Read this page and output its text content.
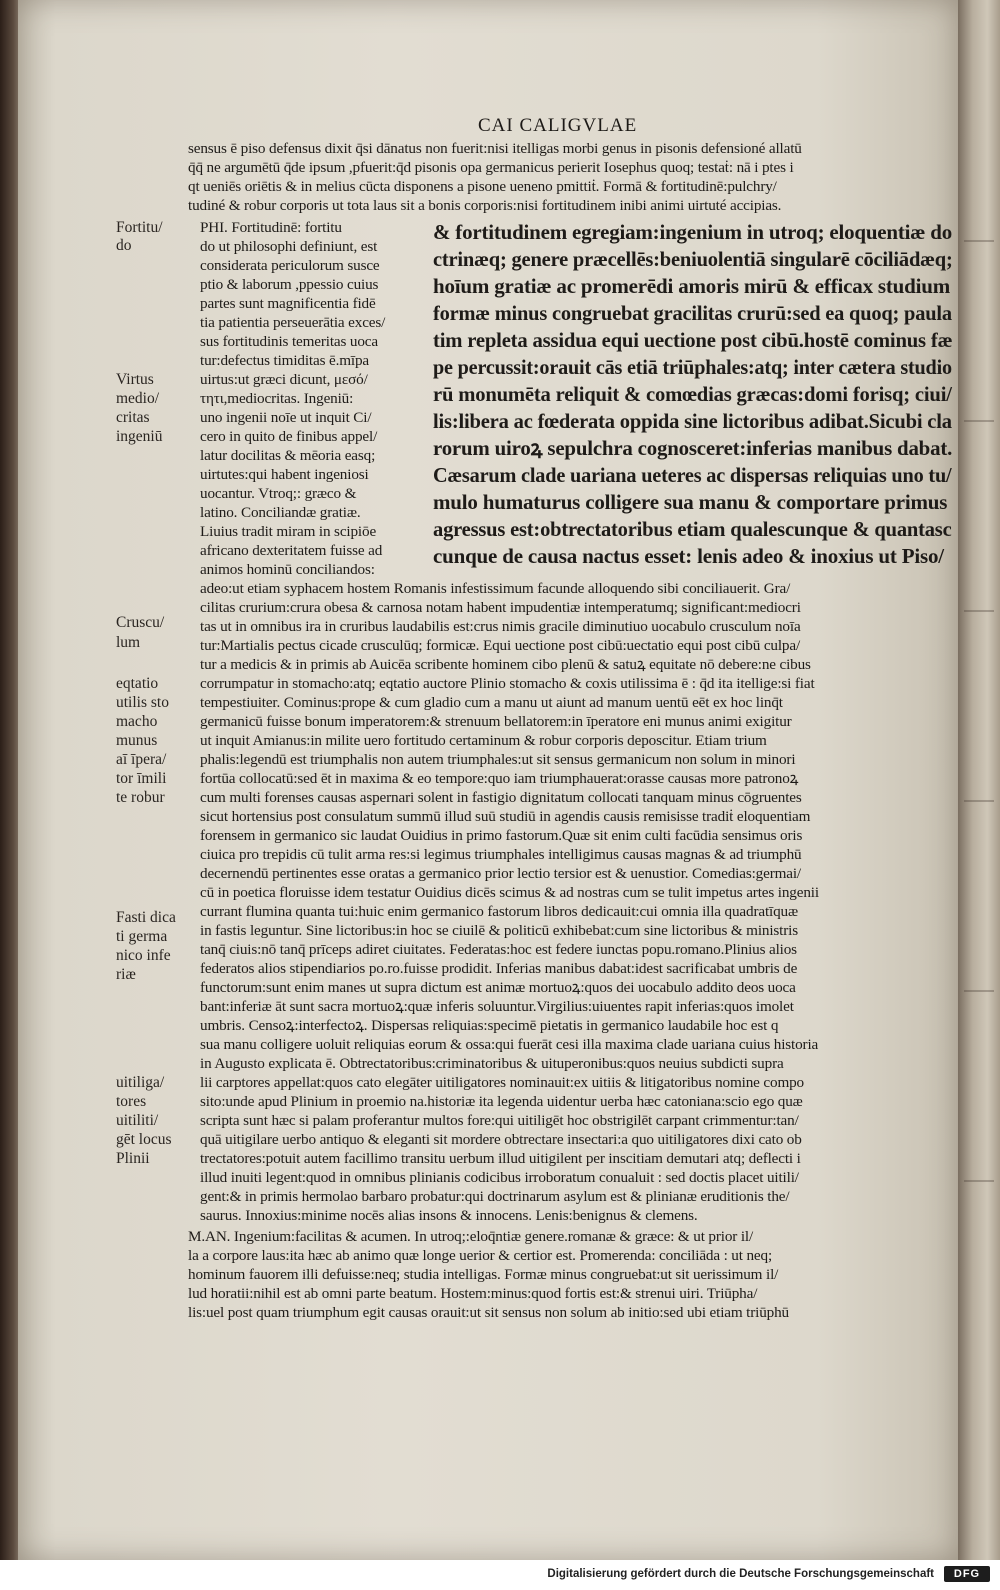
CAI CALIGVLAE
sensus ē piso defensus dixit q̄si dānatus non fuerit:nisi itelligas morbi genus in pisonis defensioné allatū
q̄q̄ ne argumētū q̄de ipsum ,pfuerit:q̄d pisonis opa germanicus perierit Iosephus quoq; testaṫ: nā i ptes i
qt ueniēs oriētis & in melius cūcta disponens a pisone ueneno pmittiṫ. Formā & fortitudinē:pulchry/
tudiné & robur corporis ut tota laus sit a bonis corporis:nisi fortitudinem inibi animi uirtuté accipias.
PHI. Fortitudinē: fortitu
do ut philosophi definiunt, est
considerata periculorum susce
ptio & laborum ,ppessio cuius
partes sunt magnificentia fidē
tia patientia perseuerātia exces/
sus fortitudinis temeritas uoca
tur:defectus timiditas ē.mīpa
uirtus:ut græci dicunt, μεσό/
τητι,mediocritas. Ingeniū:
uno ingenii noīe ut inquit Ci/
cero in quito de finibus appel/
latur docilitas & mēoria easq;
uirtutes:qui habent ingeniosi
uocantur. Vtroq;: græco &
latino. Conciliandæ gratiæ.
Liuius tradit miram in scipiōe
africano dexteritatem fuisse ad
animos hominū conciliandos:
& fortitudinem egregiam:ingenium in utroq; eloquentiæ do
ctrinæq; genere præcellēs:beniuolentiā singularē cōciliādæq;
hoīum gratiæ ac promerēdi amoris mirū & efficax studium
formæ minus congruebat gracilitas crurū:sed ea quoq; paula
tim repleta assidua equi uectione post cibū.hostē cominus fæ
pe percussit:orauit cās etiā triūphales:atq; inter cætera studio
rū monumēta reliquit & comœdias græcas:domi forisq; ciui/
lis:libera ac fœderata oppida sine lictoribus adibat.Sicubi cla
rorum uiroꝝ sepulchra cognosceret:inferias manibus dabat.
Cæsarum clade uariana ueteres ac dispersas reliquias uno tu/
mulo humaturus colligere sua manu & comportare primus
agressus est:obtrectatoribus etiam qualescunque & quantasc
cunque de causa nactus esset: lenis adeo & inoxius ut Piso/
adeo:ut etiam syphacem hostem Romanis infestissimum facunde alloquendo sibi conciliauerit. Gra/
cilitas crurium:crura obesa & carnosa notam habent impudentiæ intemperatumq; significant:mediocri
tas ut in omnibus ira in cruribus laudabilis est:crus nimis gracile diminutiuo uocabulo crusculum noīa
tur:Martialis pectus cicade crusculūq; formicæ. Equi uectione post cibū:uectatio equi post cibū culpa/
tur a medicis & in primis ab Auicēa scribente hominem cibo plenū & satuꝝ equitate nō debere:ne cibus
corrumpatur in stomacho:atq; eqtatio auctore Plinio stomacho & coxis utilissima ē : q̄d ita itellige:si fiat
tempestiuiter. Cominus:prope & cum gladio cum a manu ut aiunt ad manum uentū eēt ex hoc linq̄t
germanicū fuisse bonum imperatorem:& strenuum bellatorem:in īperatore eni munus animi exigitur
ut inquit Amianus:in milite uero fortitudo certaminum & robur corporis deposcitur. Etiam trium
phalis:legendū est triumphalis non autem triumphales:ut sit sensus germanicum non solum in minori
fortūa collocatū:sed ēt in maxima & eo tempore:quo iam triumphauerat:orasse causas more patronoꝝ
cum multi forenses causas aspernari solent in fastigio dignitatum collocati tanquam minus cōgruentes
sicut hortensius post consulatum summū illud suū studiū in agendis causis remisisse tradiṫ eloquentiam
forensem in germanico sic laudat Ouidius in primo fastorum.Quæ sit enim culti facūdia sensimus oris
ciuica pro trepidis cū tulit arma res:si legimus triumphales intelligimus causas magnas & ad triumphū
decernendū pertinentes esse oratas a germanico prior lectio tersior est & uenustior. Comedias:germai/
cū in poetica floruisse idem testatur Ouidius dicēs scimus & ad nostras cum se tulit impetus artes ingenii
currant flumina quanta tui:huic enim germanico fastorum libros dedicauit:cui omnia illa quadratīquæ
in fastis leguntur. Sine lictoribus:in hoc se ciuilē & politicū exhibebat:cum sine lictoribus & ministris
tanq̄ ciuis:nō tanq̄ prīceps adiret ciuitates. Federatas:hoc est federe iunctas popu.romano.Plinius alios
federatos alios stipendiarios po.ro.fuisse prodidit. Inferias manibus dabat:idest sacrificabat umbris de
functorum:sunt enim manes ut supra dictum est animæ mortuoꝝ:quos dei uocabulo addito deos uoca
bant:inferiæ āt sunt sacra mortuoꝝ:quæ inferis soluuntur.Virgilius:uiuentes rapit inferias:quos imolet
umbris. Censoꝝ:interfectoꝝ. Dispersas reliquias:specimē pietatis in germanico laudabile hoc est q
sua manu colligere uoluit reliquias eorum & ossa:qui fuerāt cesi illa maxima clade uariana cuius historia
in Augusto explicata ē. Obtrectatoribus:criminatoribus & uituperonibus:quos neuius subdicti supra
lii carptores appellat:quos cato elegāter uitiligatores nominauit:ex uitiis & litigatoribus nomine compo
sito:unde apud Plinium in proemio na.historiæ ita legenda uidentur uerba hæc catoniana:scio ego quæ
scripta sunt hæc si palam proferantur multos fore:qui uitiligēt hoc obstrigilēt carpant crimmentur:tan/
quā uitigilare uerbo antiquo & eleganti sit mordere obtrectare insectari:a quo uitiligatores dixi cato ob
trectatores:potuit autem facillimo transitu uerbum illud uitigilent per inscitiam demutari atq; deflecti i
illud inuiti legent:quod in omnibus plinianis codicibus irroboratum conualuit : sed doctis placet uitili/
gent:& in primis hermolao barbaro probatur:qui doctrinarum asylum est & plinianæ eruditionis the/
saurus. Innoxius:minime nocēs alias insons & innocens. Lenis:benignus & clemens.
M.AN. Ingenium:facilitas & acumen. In utroq;:eloq̄ntiæ genere.romanæ & græce: & ut prior il/
la a corpore laus:ita hæc ab animo quæ longe uerior & certior est. Promerenda: conciliāda : ut neq;
hominum fauorem illi defuisse:neq; studia intelligas. Formæ minus congruebat:ut sit uerissimum il/
lud horatii:nihil est ab omni parte beatum. Hostem:minus:quod fortis est:& strenui uiri. Triūpha/
lis:uel post quam triumphum egit causas orauit:ut sit sensus non solum ab initio:sed ubi etiam triūphū
Fortitu/
do
Virtus
medio/
critas
ingeniū
Cruscu/
lum
eqtatio
utilis sto
macho
munus
aī īpera/
tor īmili
te robur
Fasti dica
ti germa
nico infe
riæ
uitiliga/
tores
uitiliti/
gēt locus
Plinii
Digitalisierung gefördert durch die Deutsche Forschungsgemeinschaft	DFG
